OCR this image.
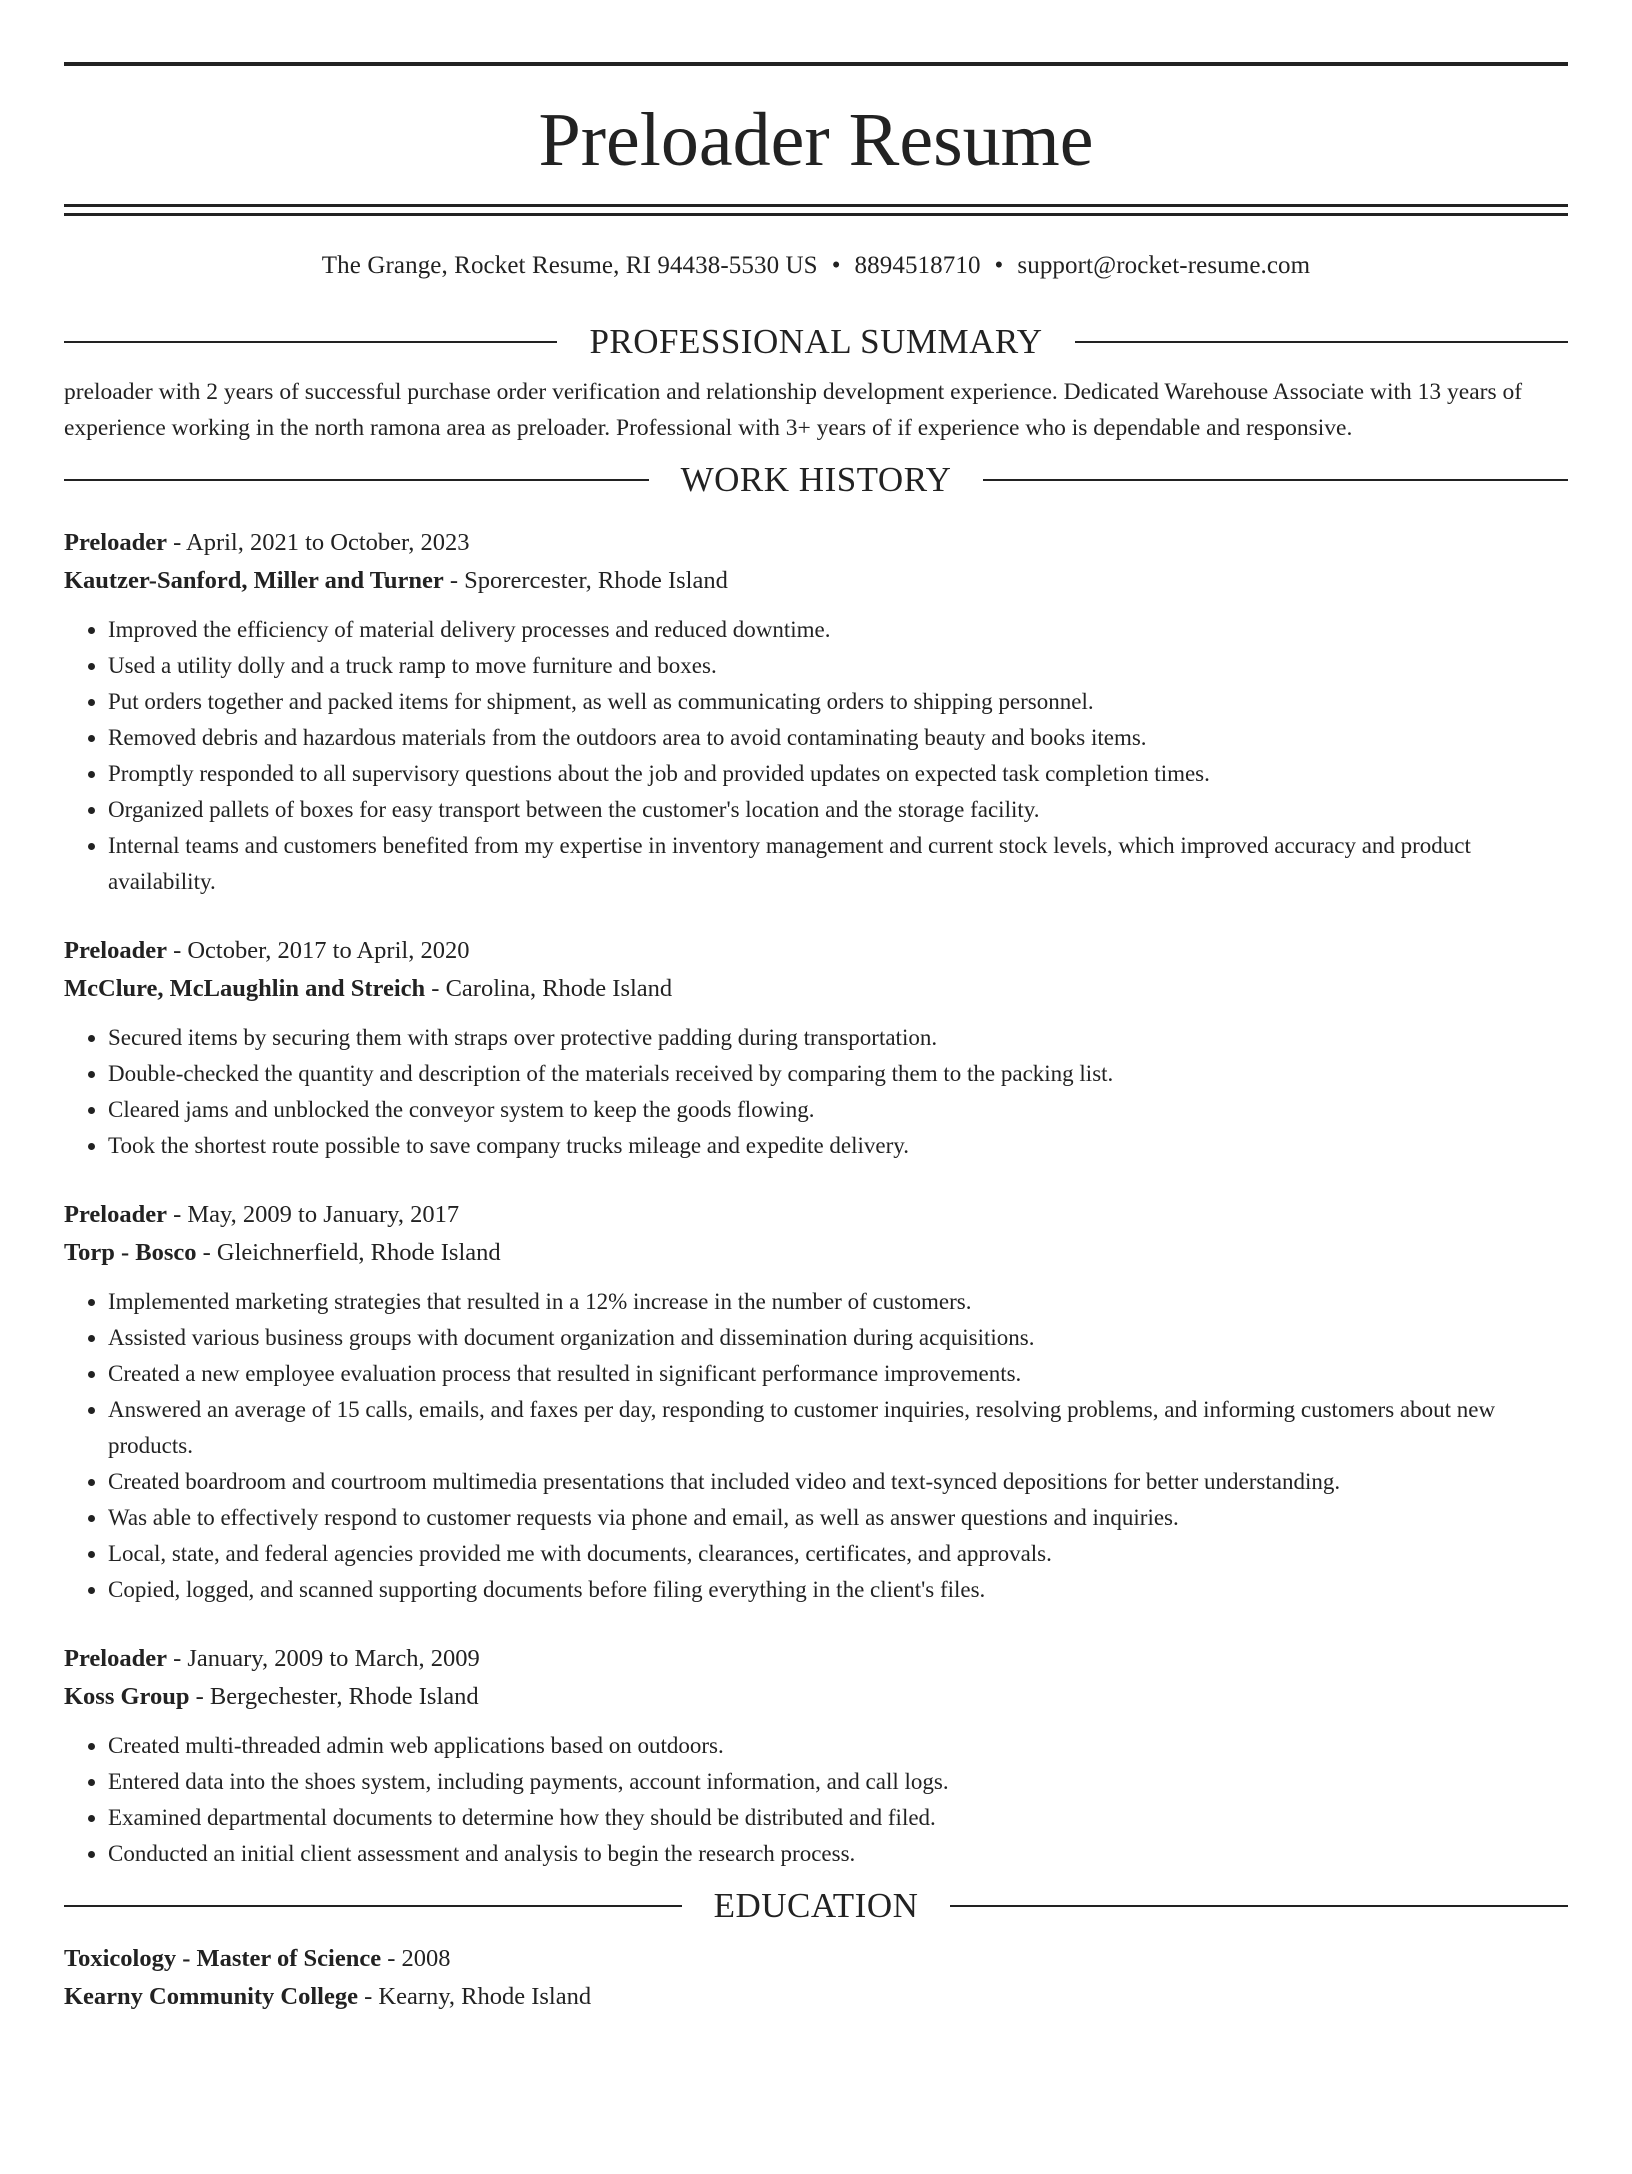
Preloader Resume
The Grange, Rocket Resume, RI 94438-5530 US • 8894518710 • support@rocket-resume.com
PROFESSIONAL SUMMARY

preloader with 2 years of successful purchase order verification and relationship development experience. Dedicated Warehouse Associate with 13 years of experience working in the north ramona area as preloader. Professional with 3+ years of if experience who is dependable and responsive.

WORK HISTORY
Preloader - April, 2021 to October, 2023
Kautzer-Sanford, Miller and Turner - Sporercester, Rhode Island
• Improved the efficiency of material delivery processes and reduced downtime.
• Used a utility dolly and a truck ramp to move furniture and boxes.
• Put orders together and packed items for shipment, as well as communicating orders to shipping personnel.
• Removed debris and hazardous materials from the outdoors area to avoid contaminating beauty and books items.
• Promptly responded to all supervisory questions about the job and provided updates on expected task completion times.
• Organized pallets of boxes for easy transport between the customer's location and the storage facility.
• Internal teams and customers benefited from my expertise in inventory management and current stock levels, which improved accuracy and product availability.
Preloader - October, 2017 to April, 2020
McClure, McLaughlin and Streich - Carolina, Rhode Island
• Secured items by securing them with straps over protective padding during transportation.
• Double-checked the quantity and description of the materials received by comparing them to the packing list.
• Cleared jams and unblocked the conveyor system to keep the goods flowing.
• Took the shortest route possible to save company trucks mileage and expedite delivery.
Preloader - May, 2009 to January, 2017
Torp - Bosco - Gleichnerfield, Rhode Island
• Implemented marketing strategies that resulted in a 12% increase in the number of customers.
• Assisted various business groups with document organization and dissemination during acquisitions.
• Created a new employee evaluation process that resulted in significant performance improvements.
• Answered an average of 15 calls, emails, and faxes per day, responding to customer inquiries, resolving problems, and informing customers about new products.
• Created boardroom and courtroom multimedia presentations that included video and text-synced depositions for better understanding.
• Was able to effectively respond to customer requests via phone and email, as well as answer questions and inquiries.
• Local, state, and federal agencies provided me with documents, clearances, certificates, and approvals.
• Copied, logged, and scanned supporting documents before filing everything in the client's files.
Preloader - January, 2009 to March, 2009
Koss Group - Bergechester, Rhode Island
• Created multi-threaded admin web applications based on outdoors.
• Entered data into the shoes system, including payments, account information, and call logs.
• Examined departmental documents to determine how they should be distributed and filed.
• Conducted an initial client assessment and analysis to begin the research process.
EDUCATION
Toxicology - Master of Science - 2008
Kearny Community College - Kearny, Rhode Island
